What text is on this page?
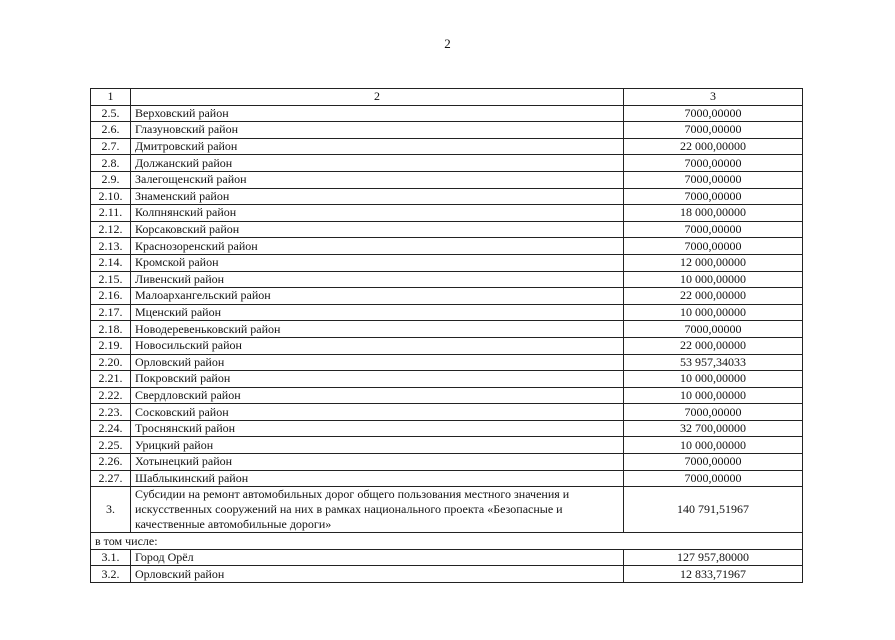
2
1	2	3
2.5.	Верховский район	7000,00000
2.6.	Глазуновский район	7000,00000
2.7.	Дмитровский район	22 000,00000
2.8.	Должанский район	7000,00000
2.9.	Залегощенский район	7000,00000
2.10.	Знаменский район	7000,00000
2.11.	Колпнянский район	18 000,00000
2.12.	Корсаковский район	7000,00000
2.13.	Краснозоренский район	7000,00000
2.14.	Кромской район	12 000,00000
2.15.	Ливенский район	10 000,00000
2.16.	Малоархангельский район	22 000,00000
2.17.	Мценский район	10 000,00000
2.18.	Новодеревеньковский район	7000,00000
2.19.	Новосильский район	22 000,00000
2.20.	Орловский район	53 957,34033
2.21.	Покровский район	10 000,00000
2.22.	Свердловский район	10 000,00000
2.23.	Сосковский район	7000,00000
2.24.	Троснянский район	32 700,00000
2.25.	Урицкий район	10 000,00000
2.26.	Хотынецкий район	7000,00000
2.27.	Шаблыкинский район	7000,00000
3.	Субсидии на ремонт автомобильных дорог общего пользования местного значения и искусственных сооружений на них в рамках национального проекта «Безопасные и качественные автомобильные дороги»	140 791,51967
в том числе:		
3.1.	Город Орёл	127 957,80000
3.2.	Орловский район	12 833,71967
